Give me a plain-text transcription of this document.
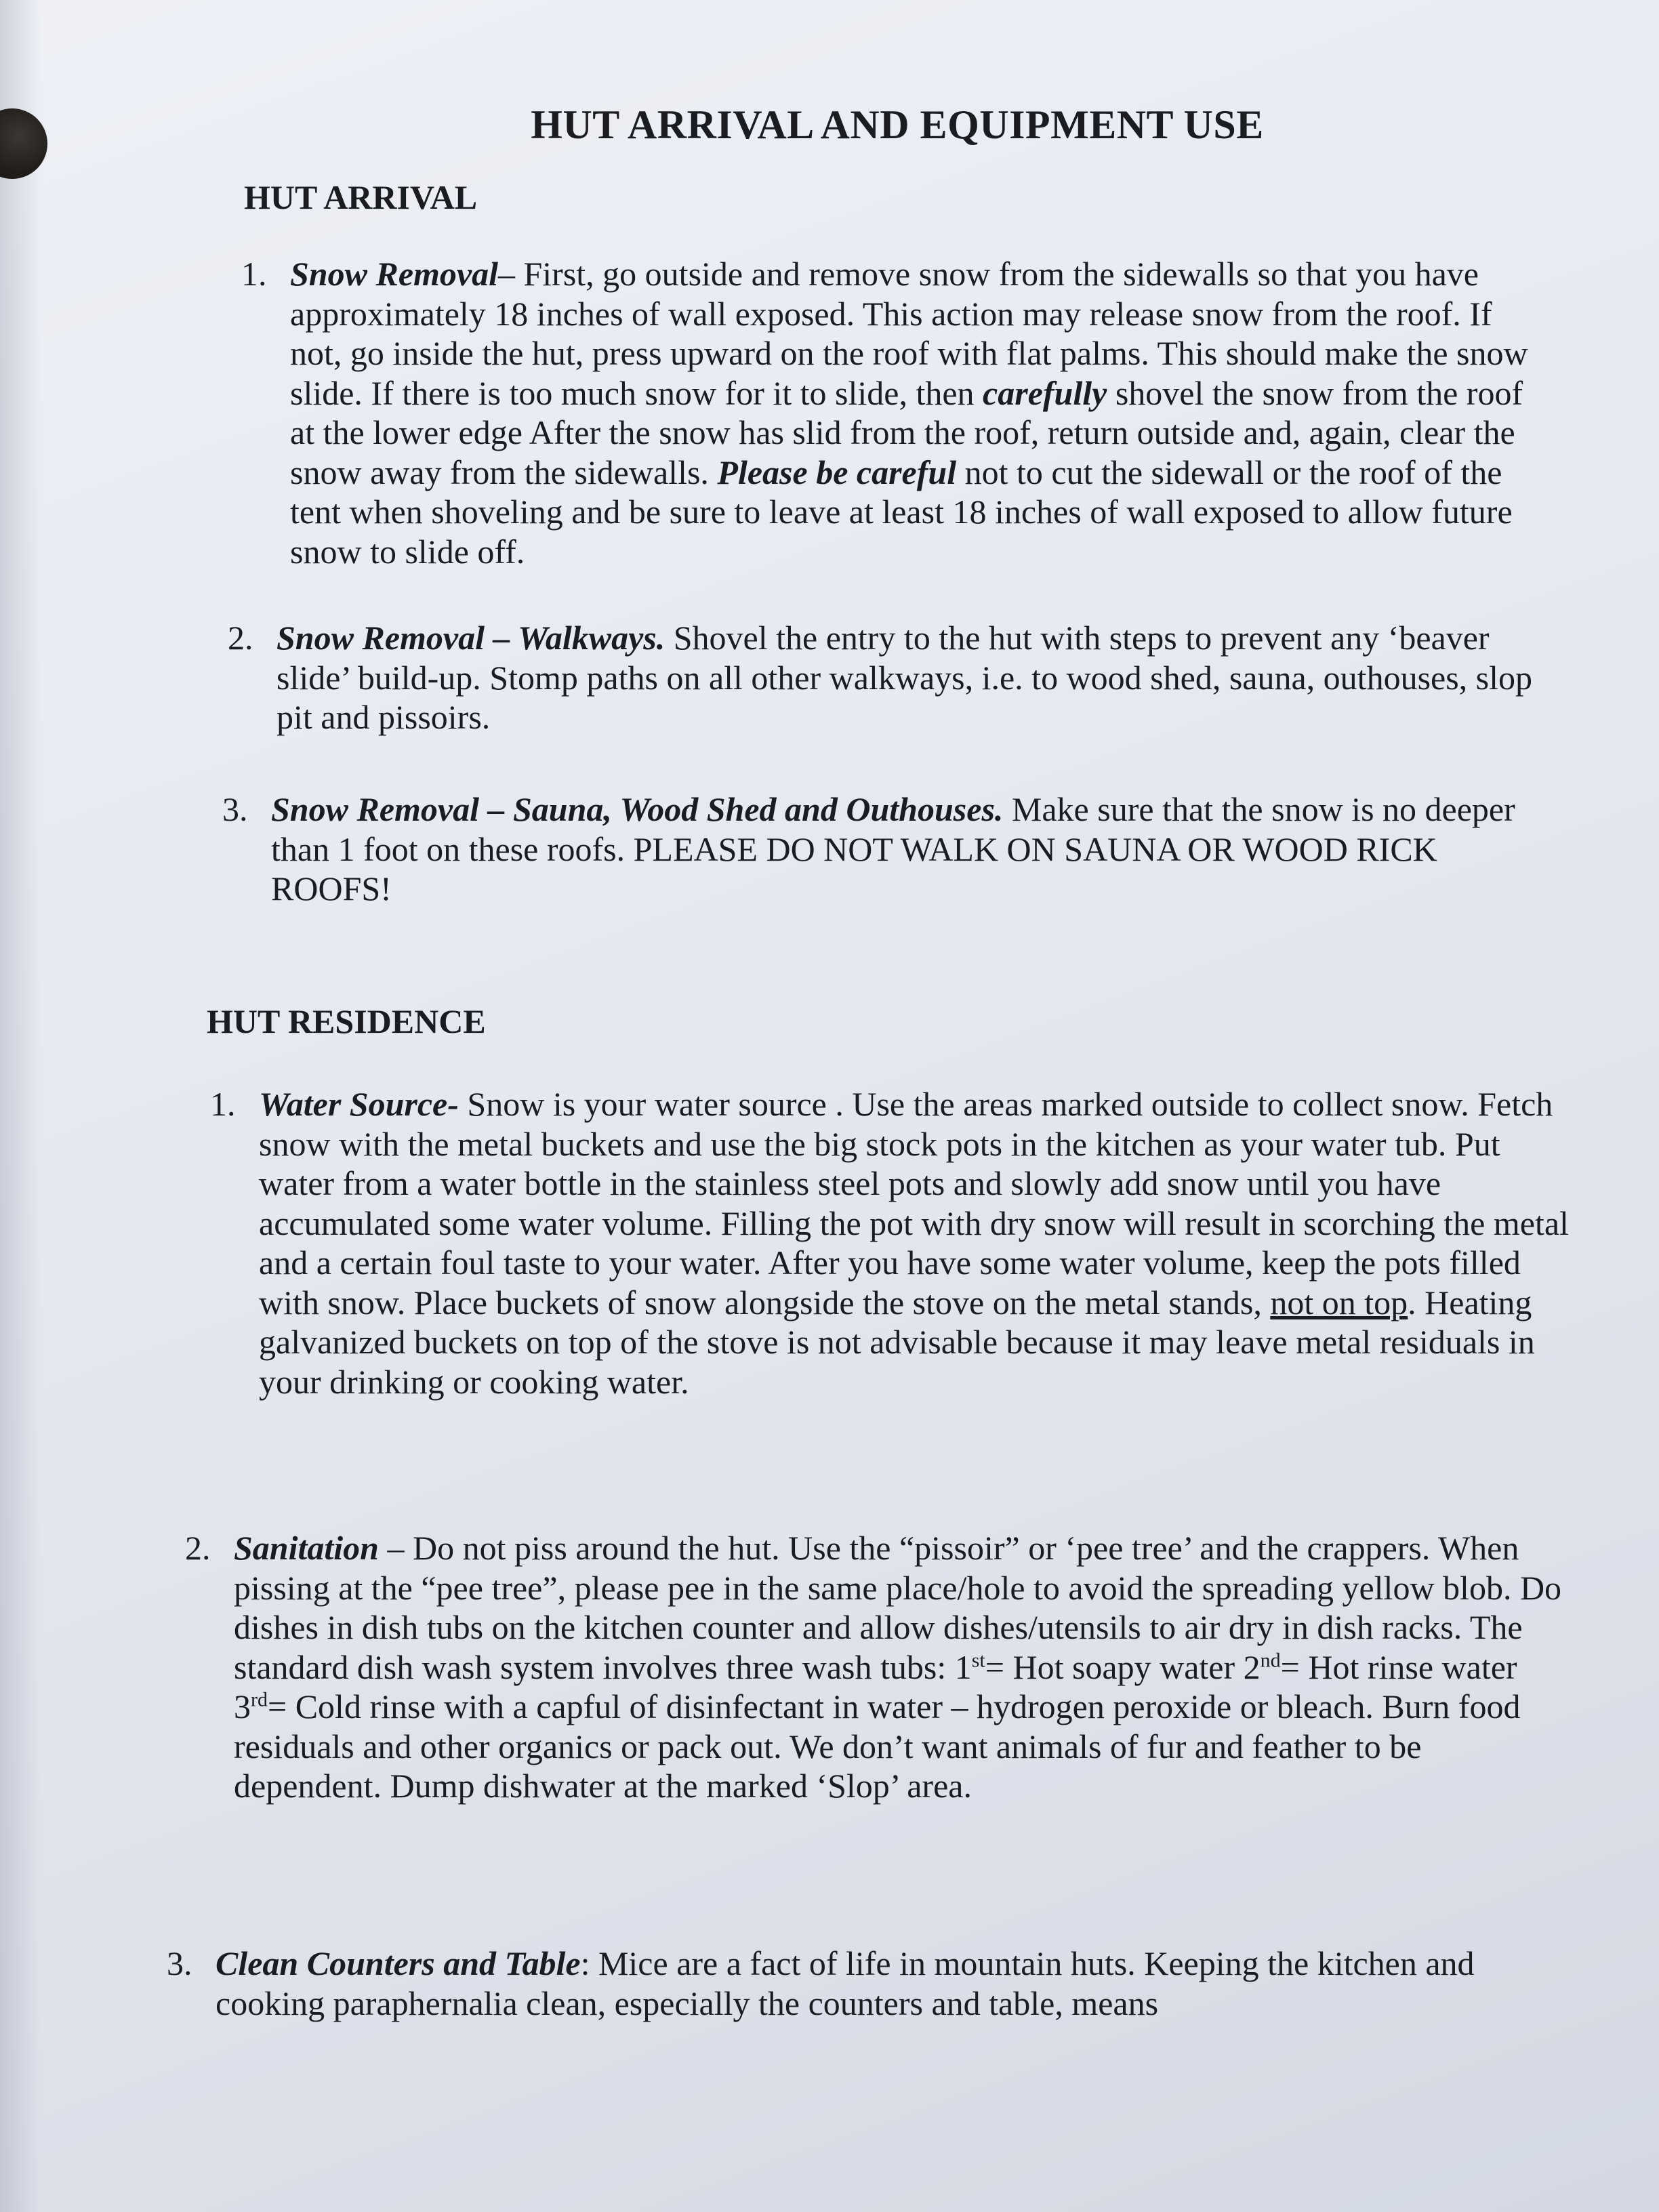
HUT ARRIVAL AND EQUIPMENT USE
HUT ARRIVAL
1. Snow Removal– First, go outside and remove snow from the sidewalls so that you have approximately 18 inches of wall exposed. This action may release snow from the roof. If not, go inside the hut, press upward on the roof with flat palms. This should make the snow slide. If there is too much snow for it to slide, then carefully shovel the snow from the roof at the lower edge After the snow has slid from the roof, return outside and, again, clear the snow away from the sidewalls. Please be careful not to cut the sidewall or the roof of the tent when shoveling and be sure to leave at least 18 inches of wall exposed to allow future snow to slide off.
2. Snow Removal – Walkways. Shovel the entry to the hut with steps to prevent any ‘beaver slide’ build-up. Stomp paths on all other walkways, i.e. to wood shed, sauna, outhouses, slop pit and pissoirs.
3. Snow Removal – Sauna, Wood Shed and Outhouses. Make sure that the snow is no deeper than 1 foot on these roofs. PLEASE DO NOT WALK ON SAUNA OR WOOD RICK ROOFS!
HUT RESIDENCE
1. Water Source- Snow is your water source . Use the areas marked outside to collect snow. Fetch snow with the metal buckets and use the big stock pots in the kitchen as your water tub. Put water from a water bottle in the stainless steel pots and slowly add snow until you have accumulated some water volume. Filling the pot with dry snow will result in scorching the metal and a certain foul taste to your water. After you have some water volume, keep the pots filled with snow. Place buckets of snow alongside the stove on the metal stands, not on top. Heating galvanized buckets on top of the stove is not advisable because it may leave metal residuals in your drinking or cooking water.
2. Sanitation – Do not piss around the hut. Use the “pissoir” or ‘pee tree’ and the crappers. When pissing at the “pee tree”, please pee in the same place/hole to avoid the spreading yellow blob. Do dishes in dish tubs on the kitchen counter and allow dishes/utensils to air dry in dish racks. The standard dish wash system involves three wash tubs: 1st= Hot soapy water 2nd= Hot rinse water 3rd= Cold rinse with a capful of disinfectant in water – hydrogen peroxide or bleach. Burn food residuals and other organics or pack out. We don’t want animals of fur and feather to be dependent. Dump dishwater at the marked ‘Slop’ area.
3. Clean Counters and Table: Mice are a fact of life in mountain huts. Keeping the kitchen and cooking paraphernalia clean, especially the counters and table, means
